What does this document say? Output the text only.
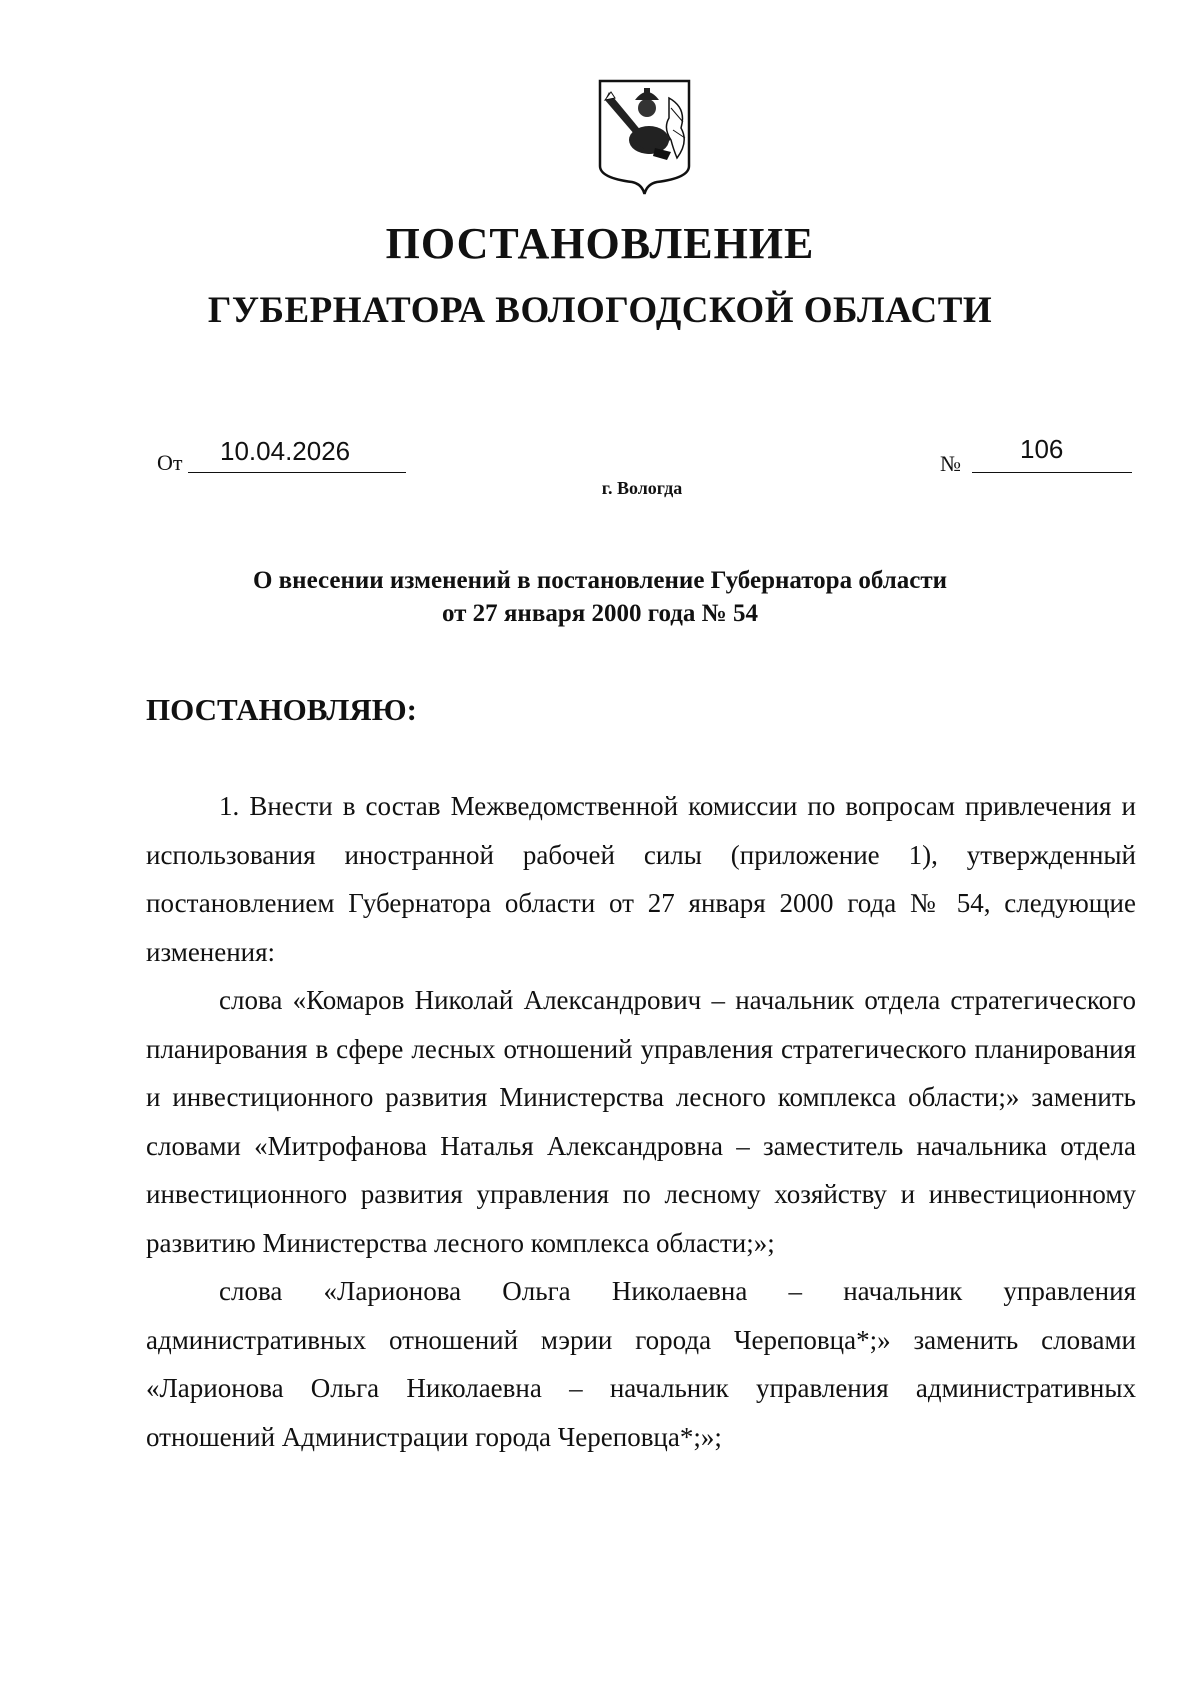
ПОСТАНОВЛЕНИЕ
ГУБЕРНАТОРА ВОЛОГОДСКОЙ ОБЛАСТИ
От 10.04.2026	№ 106
г. Вологда
О внесении изменений в постановление Губернатора области
от 27 января 2000 года № 54
ПОСТАНОВЛЯЮ:

1. Внести в состав Межведомственной комиссии по вопросам привлечения и использования иностранной рабочей силы (приложение 1), утвержденный постановлением Губернатора области от 27 января 2000 года № 54, следующие изменения:

слова «Комаров Николай Александрович – начальник отдела стратегического планирования в сфере лесных отношений управления стратегического планирования и инвестиционного развития Министерства лесного комплекса области;» заменить словами «Митрофанова Наталья Александровна – заместитель начальника отдела инвестиционного развития управления по лесному хозяйству и инвестиционному развитию Министерства лесного комплекса области;»;

слова «Ларионова Ольга Николаевна – начальник управления административных отношений мэрии города Череповца*;» заменить словами «Ларионова Ольга Николаевна – начальник управления административных отношений Администрации города Череповца*;»;
